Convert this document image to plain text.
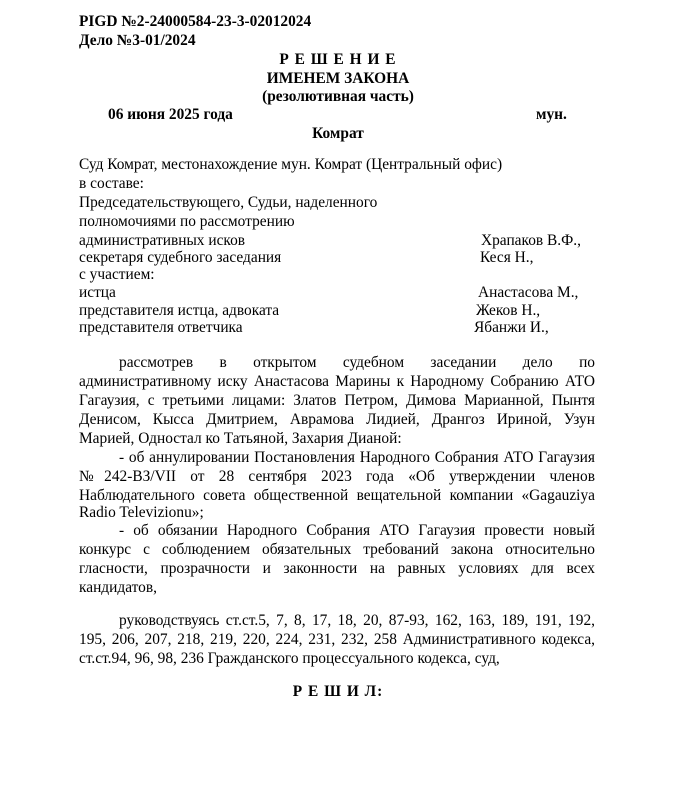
PIGD №2-24000584-23-3-02012024
Дело №3-01/2024
Р Е Ш Е Н И Е
ИМЕНЕМ ЗАКОНА
(резолютивная часть)
06 июня 2025 года	мун.
Комрат
Суд Комрат, местонахождение мун. Комрат (Центральный офис)
в составе:
Председательствующего, Судьи, наделенного
полномочиями по рассмотрению
административных исков	Храпаков В.Ф.,
секретаря судебного заседания	Кеся Н.,
с участием:
истца	Анастасова М.,
представителя истца, адвоката	Жеков Н.,
представителя ответчика	Ябанжи И.,
рассмотрев в открытом судебном заседании дело по
административному иску Анастасова Марины к Народному Собранию АТО
Гагаузия, с третьими лицами: Златов Петром, Димова Марианной, Пынтя
Денисом, Кысса Дмитрием, Аврамова Лидией, Дрангоз Ириной, Узун
Марией, Одностал ко Татьяной, Захария Дианой:
- об аннулировании Постановления Народного Собрания АТО Гагаузия
№242-ВЗ/VII от 28 сентября 2023 года «Об утверждении членов
Наблюдательного совета общественной вещательной компании «Gagauziya
Radio Televizionu»;
- об обязании Народного Собрания АТО Гагаузия провести новый
конкурс с соблюдением обязательных требований закона относительно
гласности, прозрачности и законности на равных условиях для всех
кандидатов,
руководствуясь ст.ст.5, 7, 8, 17, 18, 20, 87-93, 162, 163, 189, 191, 192,
195, 206, 207, 218, 219, 220, 224, 231, 232, 258 Административного кодекса,
ст.ст.94, 96, 98, 236 Гражданского процессуального кодекса, суд,
Р Е Ш И Л:
